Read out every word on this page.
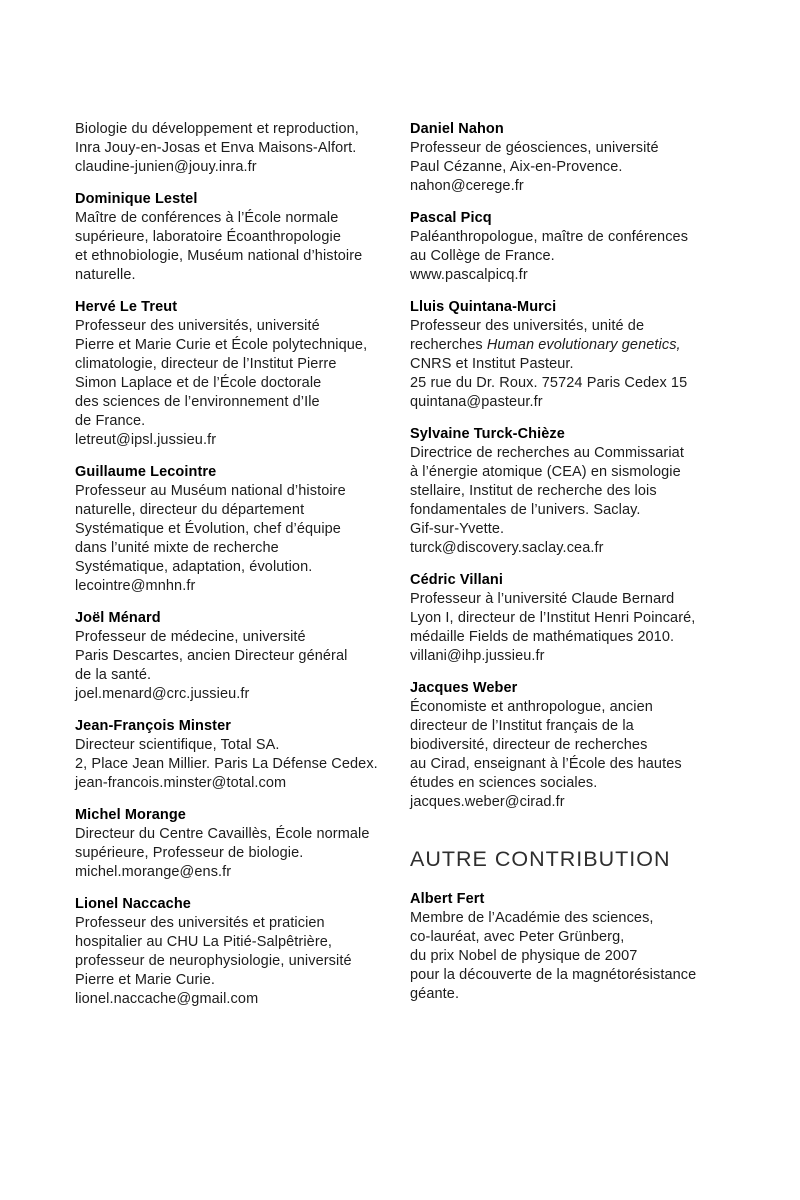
Biologie du développement et reproduction,
Inra Jouy-en-Josas et Enva Maisons-Alfort.
claudine-junien@jouy.inra.fr
Dominique Lestel
Maître de conférences à l’École normale
supérieure, laboratoire Écoanthropologie
et ethnobiologie, Muséum national d’histoire
naturelle.
Hervé Le Treut
Professeur des universités, université
Pierre et Marie Curie et École polytechnique,
climatologie, directeur de l’Institut Pierre
Simon Laplace et de l’École doctorale
des sciences de l’environnement d’Ile
de France.
letreut@ipsl.jussieu.fr
Guillaume Lecointre
Professeur au Muséum national d’histoire
naturelle, directeur du département
Systématique et Évolution, chef d’équipe
dans l’unité mixte de recherche
Systématique, adaptation, évolution.
lecointre@mnhn.fr
Joël Ménard
Professeur de médecine, université
Paris Descartes, ancien Directeur général
de la santé.
joel.menard@crc.jussieu.fr
Jean-François Minster
Directeur scientifique, Total SA.
2, Place Jean Millier. Paris La Défense Cedex.
jean-francois.minster@total.com
Michel Morange
Directeur du Centre Cavaillès, École normale
supérieure, Professeur de biologie.
michel.morange@ens.fr
Lionel Naccache
Professeur des universités et praticien
hospitalier au CHU La Pitié-Salpêtrière,
professeur de neurophysiologie, université
Pierre et Marie Curie.
lionel.naccache@gmail.com
Daniel Nahon
Professeur de géosciences, université
Paul Cézanne, Aix-en-Provence.
nahon@cerege.fr
Pascal Picq
Paléanthropologue, maître de conférences
au Collège de France.
www.pascalpicq.fr
Lluis Quintana-Murci
Professeur des universités, unité de
recherches Human evolutionary genetics,
CNRS et Institut Pasteur.
25 rue du Dr. Roux. 75724 Paris Cedex 15
quintana@pasteur.fr
Sylvaine Turck-Chièze
Directrice de recherches au Commissariat
à l’énergie atomique (CEA) en sismologie
stellaire, Institut de recherche des lois
fondamentales de l’univers. Saclay.
Gif-sur-Yvette.
turck@discovery.saclay.cea.fr
Cédric Villani
Professeur à l’université Claude Bernard
Lyon I, directeur de l’Institut Henri Poincaré,
médaille Fields de mathématiques 2010.
villani@ihp.jussieu.fr
Jacques Weber
Économiste et anthropologue, ancien
directeur de l’Institut français de la
biodiversité, directeur de recherches
au Cirad, enseignant à l’École des hautes
études en sciences sociales.
jacques.weber@cirad.fr
AUTRE CONTRIBUTION
Albert Fert
Membre de l’Académie des sciences,
co-lauréat, avec Peter Grünberg,
du prix Nobel de physique de 2007
pour la découverte de la magnétorésistance
géante.
